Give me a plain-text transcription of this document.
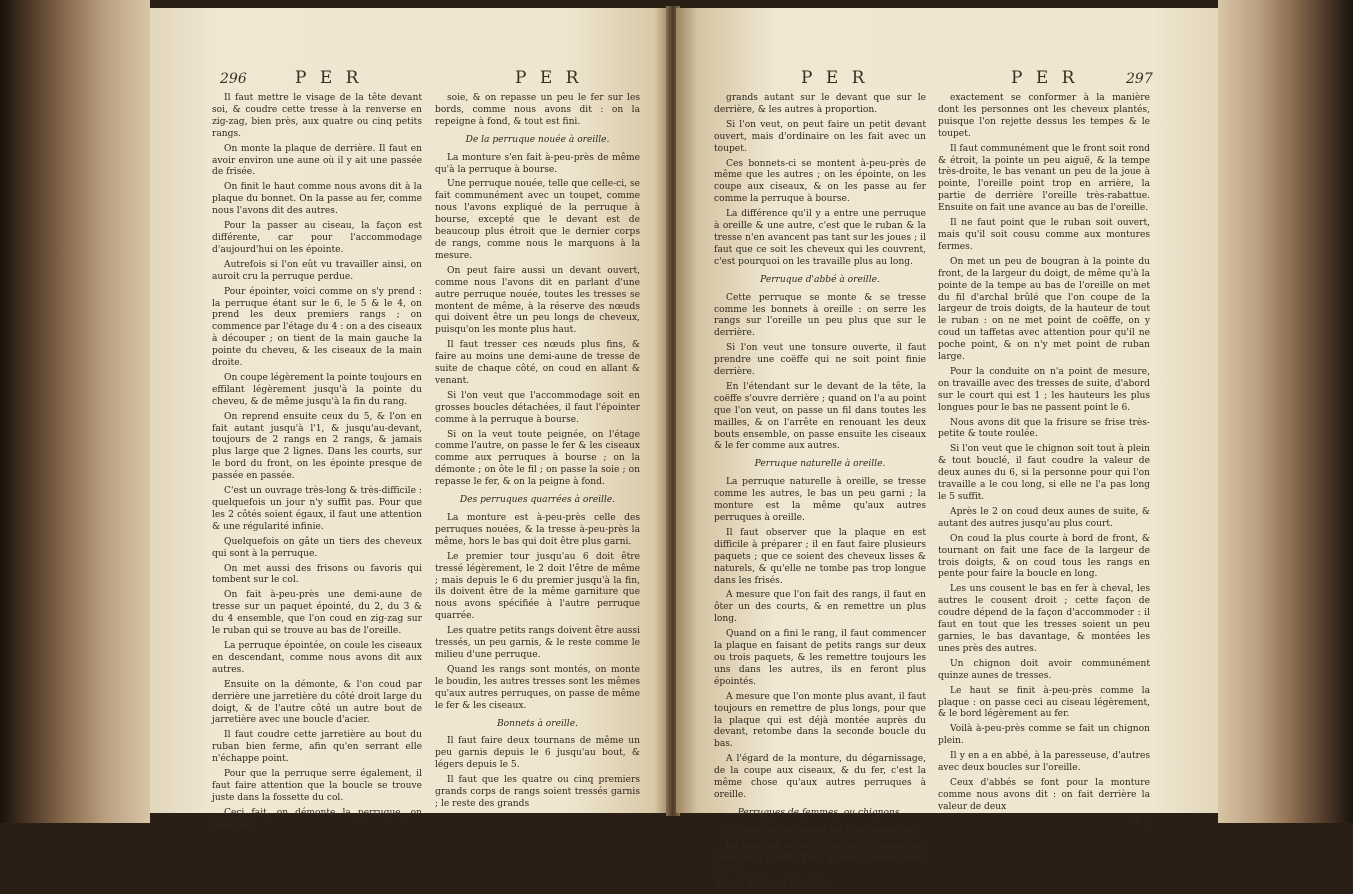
296	P E R	P E R

Il faut mettre le visage de la tête devant soi, & coudre cette tresse à la renverse en zig-zag, bien près, aux quatre ou cinq petits rangs.

On monte la plaque de derrière. Il faut en avoir environ une aune où il y ait une passée de frisée.

On finit le haut comme nous avons dit à la plaque du bonnet. On la passe au fer, comme nous l'avons dit des autres.

Pour la passer au ciseau, la façon est différente, car pour l'accommodage d'aujourd'hui on les épointe.

Autrefois si l'on eût vu travailler ainsi, on auroit cru la perruque perdue.

Pour épointer, voici comme on s'y prend : la perruque étant sur le 6, le 5 & le 4, on prend les deux premiers rangs ; on commence par l'étage du 4 : on a des ciseaux à découper ; on tient de la main gauche la pointe du cheveu, & les ciseaux de la main droite.

On coupe légèrement la pointe toujours en effilant légèrement jusqu'à la pointe du cheveu, & de même jusqu'à la fin du rang.

On reprend ensuite ceux du 5, & l'on en fait autant jusqu'à l'1, & jusqu'au-devant, toujours de 2 rangs en 2 rangs, & jamais plus large que 2 lignes. Dans les courts, sur le bord du front, on les épointe presque de passée en passée.

C'est un ouvrage très-long & très-difficile : quelquefois un jour n'y suffit pas. Pour que les 2 côtés soient égaux, il faut une attention & une régularité infinie.

Quelquefois on gâte un tiers des cheveux qui sont à la perruque.

On met aussi des frisons ou favoris qui tombent sur le col.

On fait à-peu-près une demi-aune de tresse sur un paquet épointé, du 2, du 3 & du 4 ensemble, que l'on coud en zig-zag sur le ruban qui se trouve au bas de l'oreille.

La perruque épointée, on coule les ciseaux en descendant, comme nous avons dit aux autres.

Ensuite on la démonte, & l'on coud par derrière une jarretière du côté droit large du doigt, & de l'autre côté un autre bout de jarretière avec une boucle d'acier.

Il faut coudre cette jarretière au bout du ruban bien ferme, afin qu'en serrant elle n'échappe point.

Pour que la perruque serre également, il faut faire attention que la boucle se trouve juste dans la fossette du col.

Ceci fait, on démonte la perruque, on passe la

soie, & on repasse un peu le fer sur les bords, comme nous avons dit : on la repeigne à fond, & tout est fini.

De la perruque nouée à oreille.

La monture s'en fait à-peu-près de même qu'à la perruque à bourse.

Une perruque nouée, telle que celle-ci, se fait communément avec un toupet, comme nous l'avons expliqué de la perruque à bourse, excepté que le devant est de beaucoup plus étroit que le dernier corps de rangs, comme nous le marquons à la mesure.

On peut faire aussi un devant ouvert, comme nous l'avons dit en parlant d'une autre perruque nouée, toutes les tresses se montent de même, à la réserve des nœuds qui doivent être un peu longs de cheveux, puisqu'on les monte plus haut.

Il faut tresser ces nœuds plus fins, & faire au moins une demi-aune de tresse de suite de chaque côté, on coud en allant & venant.

Si l'on veut que l'accommodage soit en grosses boucles détachées, il faut l'épointer comme à la perruque à bourse.

Si on la veut toute peignée, on l'étage comme l'autre, on passe le fer & les ciseaux comme aux perruques à bourse ; on la démonte ; on ôte le fil ; on passe la soie ; on repasse le fer, & on la peigne à fond.

Des perruques quarrées à oreille.

La monture est à-peu-près celle des perruques nouées, & la tresse à-peu-près la même, hors le bas qui doit être plus garni.

Le premier tour jusqu'au 6 doit être tressé légèrement, le 2 doit l'être de même ; mais depuis le 6 du premier jusqu'à la fin, ils doivent être de la même garniture que nous avons spécifiée à l'autre perruque quarrée.

Les quatre petits rangs doivent être aussi tressés, un peu garnis, & le reste comme le milieu d'une perruque.

Quand les rangs sont montés, on monte le boudin, les autres tresses sont les mêmes qu'aux autres perruques, on passe de même le fer & les ciseaux.

Bonnets à oreille.

Il faut faire deux tournans de même un peu garnis depuis le 6 jusqu'au bout, & légers depuis le 5.

Il faut que les quatre ou cinq premiers grands corps de rangs soient tressés garnis ; le reste des grands

P E R	P E R	297

grands autant sur le devant que sur le derrière, & les autres à proportion.

Si l'on veut, on peut faire un petit devant ouvert, mais d'ordinaire on les fait avec un toupet.

Ces bonnets-ci se montent à-peu-près de même que les autres ; on les épointe, on les coupe aux ciseaux, & on les passe au fer comme la perruque à bourse.

La différence qu'il y a entre une perruque à oreille & une autre, c'est que le ruban & la tresse n'en avancent pas tant sur les joues ; il faut que ce soit les cheveux qui les couvrent, c'est pourquoi on les travaille plus au long.

Perruque d'abbé à oreille.

Cette perruque se monte & se tresse comme les bonnets à oreille : on serre les rangs sur l'oreille un peu plus que sur le derrière.

Si l'on veut une tonsure ouverte, il faut prendre une coëffe qui ne soit point finie derrière.

En l'étendant sur le devant de la tête, la coëffe s'ouvre derrière ; quand on l'a au point que l'on veut, on passe un fil dans toutes les mailles, & on l'arrête en renouant les deux bouts ensemble, on passe ensuite les ciseaux & le fer comme aux autres.

Perruque naturelle à oreille.

La perruque naturelle à oreille, se tresse comme les autres, le bas un peu garni ; la monture est la même qu'aux autres perruques à oreille.

Il faut observer que la plaque en est difficile à préparer ; il en faut faire plusieurs paquets ; que ce soient des cheveux lisses & naturels, & qu'elle ne tombe pas trop longue dans les frisés.

A mesure que l'on fait des rangs, il faut en ôter un des courts, & en remettre un plus long.

Quand on a fini le rang, il faut commencer la plaque en faisant de petits rangs sur deux ou trois paquets, & les remettre toujours les uns dans les autres, ils en feront plus épointés.

A mesure que l'on monte plus avant, il faut toujours en remettre de plus longs, pour que la plaque qui est déjà montée auprès du devant, retombe dans la seconde boucle du bas.

A l'égard de la monture, du dégarnissage, de la coupe aux ciseaux, & du fer, c'est la même chose qu'aux autres perruques à oreille.

Perruques de femmes, ou chignons.

Ce sont les perruques les plus modernes.

La monture se fait à-peu-près comme une monture à oreille. Pour qu'elles saillent bien, il faut

Arts & Métiers. Tom. VI.

exactement se conformer à la manière dont les personnes ont les cheveux plantés, puisque l'on rejette dessus les tempes & le toupet.

Il faut communément que le front soit rond & étroit, la pointe un peu aiguë, & la tempe très-droite, le bas venant un peu de la joue à pointe, l'oreille point trop en arrière, la partie de derrière l'oreille très-rabattue. Ensuite on fait une avance au bas de l'oreille.

Il ne faut point que le ruban soit ouvert, mais qu'il soit cousu comme aux montures fermes.

On met un peu de bougran à la pointe du front, de la largeur du doigt, de même qu'à la pointe de la tempe au bas de l'oreille on met du fil d'archal brûlé que l'on coupe de la largeur de trois doigts, de la hauteur de tout le ruban : on ne met point de coëffe, on y coud un taffetas avec attention pour qu'il ne poche point, & on n'y met point de ruban large.

Pour la conduite on n'a point de mesure, on travaille avec des tresses de suite, d'abord sur le court qui est 1 ; les hauteurs les plus longues pour le bas ne passent point le 6.

Nous avons dit que la frisure se frise très-petite & toute roulée.

Si l'on veut que le chignon soit tout à plein & tout bouclé, il faut coudre la valeur de deux aunes du 6, si la personne pour qui l'on travaille a le cou long, si elle ne l'a pas long le 5 suffit.

Après le 2 on coud deux aunes de suite, & autant des autres jusqu'au plus court.

On coud la plus courte à bord de front, & tournant on fait une face de la largeur de trois doigts, & on coud tous les rangs en pente pour faire la boucle en long.

Les uns cousent le bas en fer à cheval, les autres le cousent droit ; cette façon de coudre dépend de la façon d'accommoder : il faut en tout que les tresses soient un peu garnies, le bas davantage, & montées les unes près des autres.

Un chignon doit avoir communément quinze aunes de tresses.

Le haut se finit à-peu-près comme la plaque : on passe ceci au ciseau légèrement, & le bord légèrement au fer.

Voilà à-peu-près comme se fait un chignon plein.

Il y en a en abbé, à la paresseuse, d'autres avec deux boucles sur l'oreille.

Ceux d'abbés se font pour la monture comme nous avons dit : on fait derrière la valeur de deux

P p
